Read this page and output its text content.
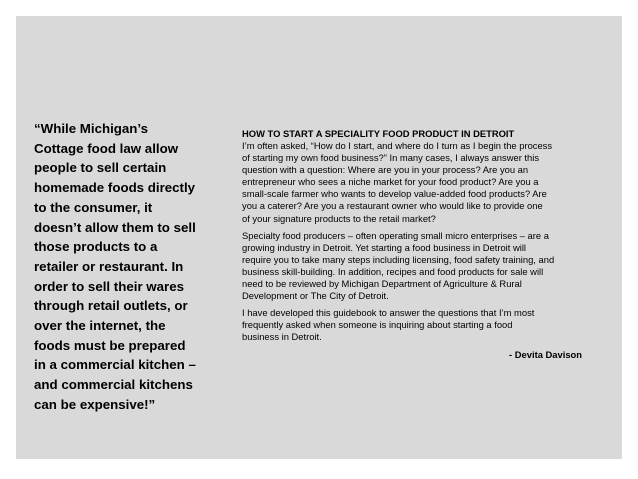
“While Michigan’s
Cottage food law allow
people to sell certain
homemade foods directly
to the consumer, it
doesn’t allow them to sell
those products to a
retailer or restaurant. In
order to sell their wares
through retail outlets, or
over the internet, the
foods must be prepared
in a commercial kitchen –
and commercial kitchens
can be expensive!”
HOW TO START A SPECIALITY FOOD PRODUCT IN DETROIT
I’m often asked, “How do I start, and where do I turn as I begin the process
of starting my own food business?” In many cases, I always answer this
question with a question: Where are you in your process? Are you an
entrepreneur who sees a niche market for your food product? Are you a
small-scale farmer who wants to develop value-added food products? Are
you a caterer? Are you a restaurant owner who would like to provide one
of your signature products to the retail market?
Specialty food producers – often operating small micro enterprises – are a
growing industry in Detroit. Yet starting a food business in Detroit will
require you to take many steps including licensing, food safety training, and
business skill-building. In addition, recipes and food products for sale will
need to be reviewed by Michigan Department of Agriculture & Rural
Development or The City of Detroit.
I have developed this guidebook to answer the questions that I’m most
frequently asked when someone is inquiring about starting a food
business in Detroit.
- Devita Davison
